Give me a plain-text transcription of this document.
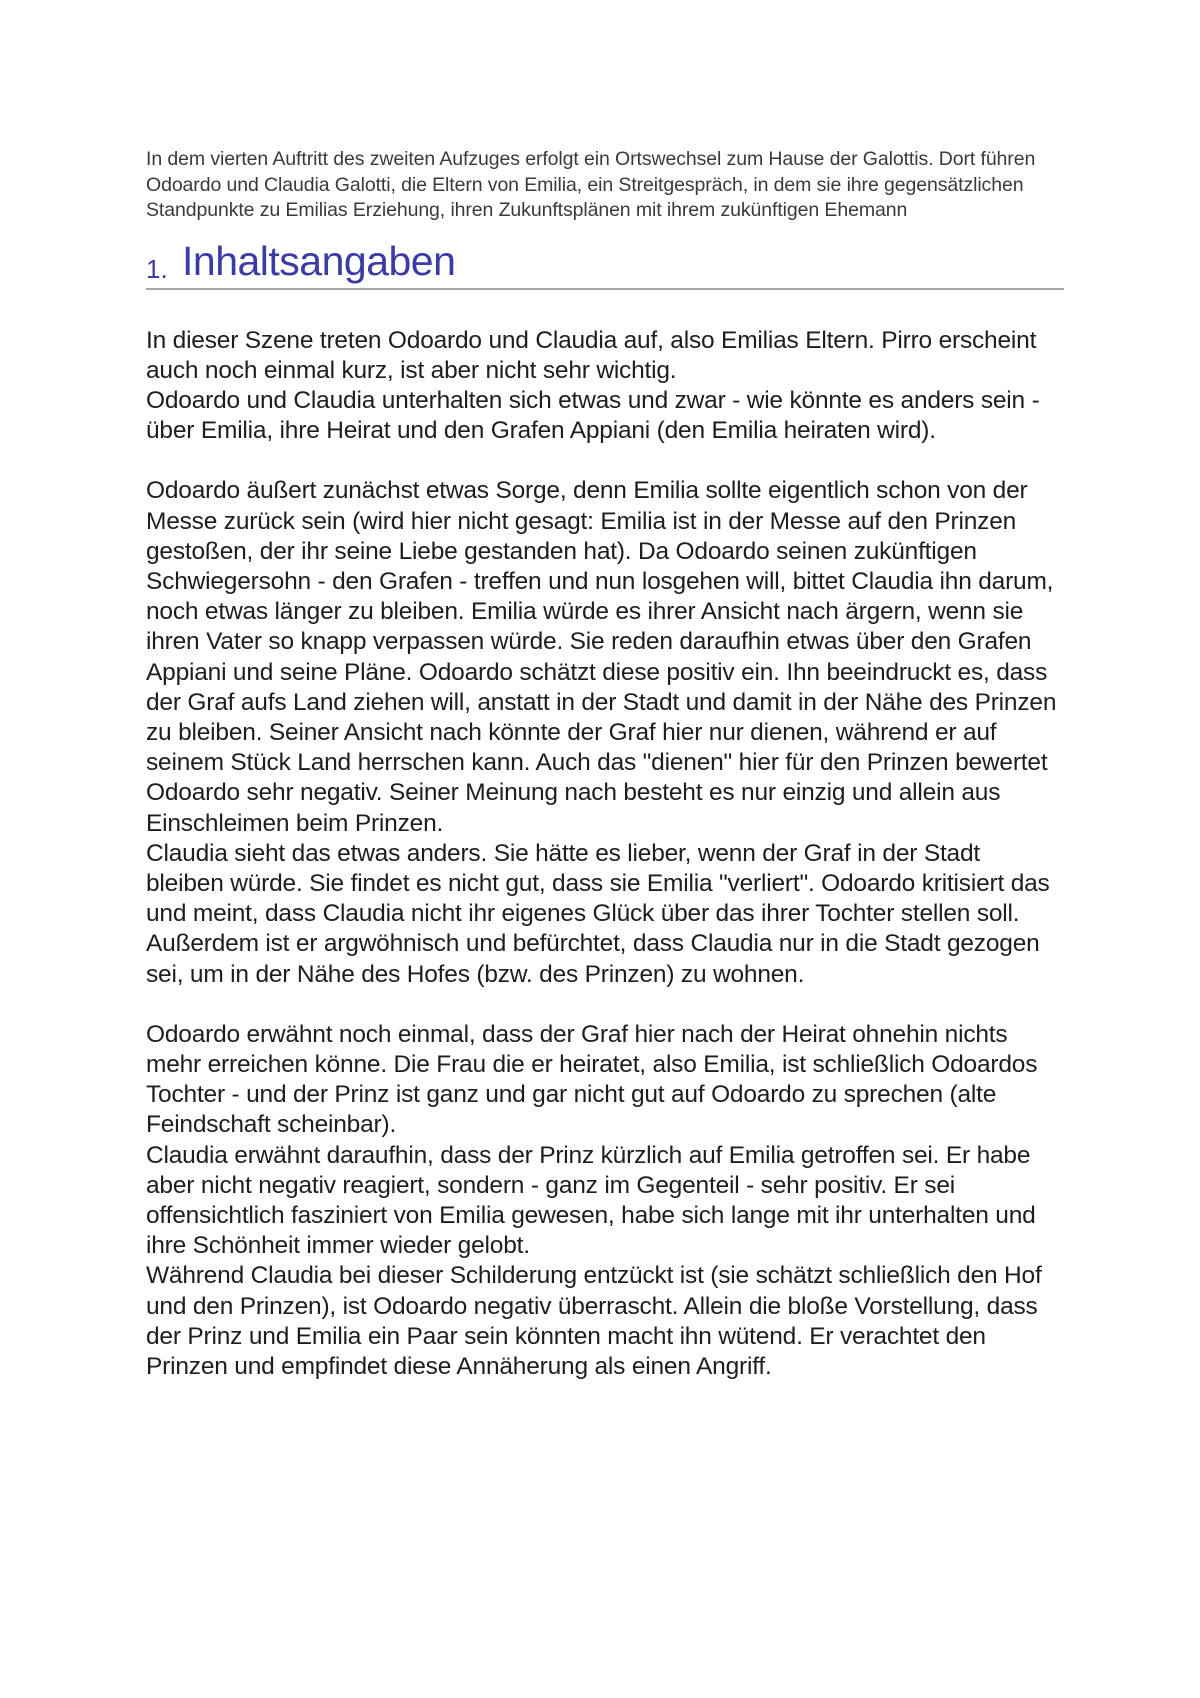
In dem vierten Auftritt des zweiten Aufzuges erfolgt ein Ortswechsel zum Hause der Galottis. Dort führen Odoardo und Claudia Galotti, die Eltern von Emilia, ein Streitgespräch, in dem sie ihre gegensätzlichen Standpunkte zu Emilias Erziehung, ihren Zukunftsplänen mit ihrem zukünftigen Ehemann

1. Inhaltsangaben

In dieser Szene treten Odoardo und Claudia auf, also Emilias Eltern. Pirro erscheint auch noch einmal kurz, ist aber nicht sehr wichtig.

Odoardo und Claudia unterhalten sich etwas und zwar - wie könnte es anders sein - über Emilia, ihre Heirat und den Grafen Appiani (den Emilia heiraten wird).

Odoardo äußert zunächst etwas Sorge, denn Emilia sollte eigentlich schon von der Messe zurück sein (wird hier nicht gesagt: Emilia ist in der Messe auf den Prinzen gestoßen, der ihr seine Liebe gestanden hat). Da Odoardo seinen zukünftigen Schwiegersohn - den Grafen - treffen und nun losgehen will, bittet Claudia ihn darum, noch etwas länger zu bleiben. Emilia würde es ihrer Ansicht nach ärgern, wenn sie ihren Vater so knapp verpassen würde. Sie reden daraufhin etwas über den Grafen Appiani und seine Pläne. Odoardo schätzt diese positiv ein. Ihn beeindruckt es, dass der Graf aufs Land ziehen will, anstatt in der Stadt und damit in der Nähe des Prinzen zu bleiben. Seiner Ansicht nach könnte der Graf hier nur dienen, während er auf seinem Stück Land herrschen kann. Auch das "dienen" hier für den Prinzen bewertet Odoardo sehr negativ. Seiner Meinung nach besteht es nur einzig und allein aus Einschleimen beim Prinzen.

Claudia sieht das etwas anders. Sie hätte es lieber, wenn der Graf in der Stadt bleiben würde. Sie findet es nicht gut, dass sie Emilia "verliert". Odoardo kritisiert das und meint, dass Claudia nicht ihr eigenes Glück über das ihrer Tochter stellen soll. Außerdem ist er argwöhnisch und befürchtet, dass Claudia nur in die Stadt gezogen sei, um in der Nähe des Hofes (bzw. des Prinzen) zu wohnen.

Odoardo erwähnt noch einmal, dass der Graf hier nach der Heirat ohnehin nichts mehr erreichen könne. Die Frau die er heiratet, also Emilia, ist schließlich Odoardos Tochter - und der Prinz ist ganz und gar nicht gut auf Odoardo zu sprechen (alte Feindschaft scheinbar).

Claudia erwähnt daraufhin, dass der Prinz kürzlich auf Emilia getroffen sei. Er habe aber nicht negativ reagiert, sondern - ganz im Gegenteil - sehr positiv. Er sei offensichtlich fasziniert von Emilia gewesen, habe sich lange mit ihr unterhalten und ihre Schönheit immer wieder gelobt.

Während Claudia bei dieser Schilderung entzückt ist (sie schätzt schließlich den Hof und den Prinzen), ist Odoardo negativ überrascht. Allein die bloße Vorstellung, dass der Prinz und Emilia ein Paar sein könnten macht ihn wütend. Er verachtet den Prinzen und empfindet diese Annäherung als einen Angriff.
